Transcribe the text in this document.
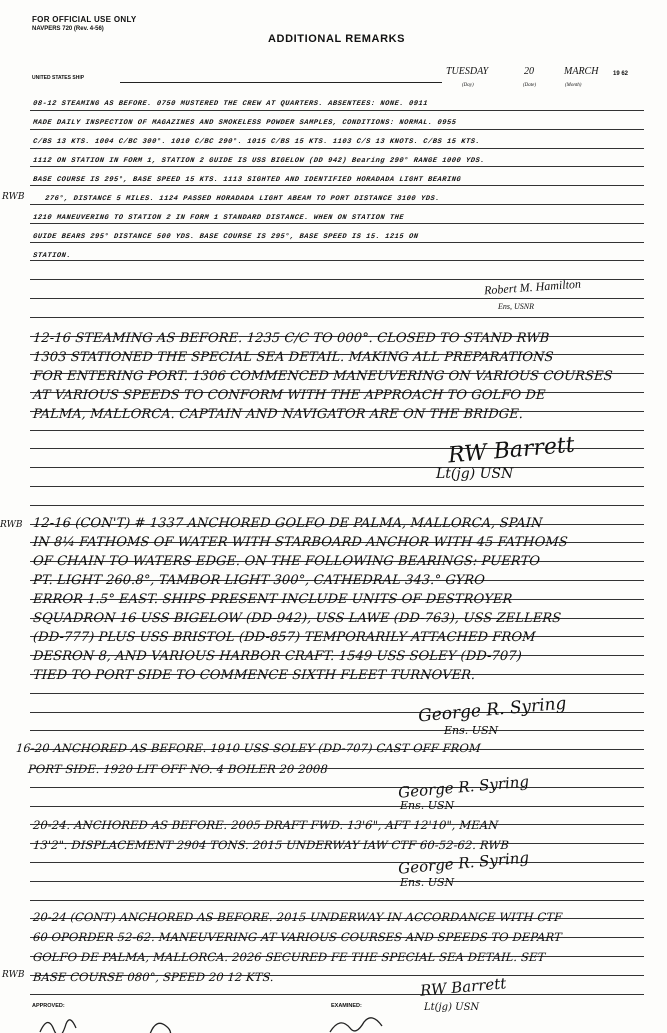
FOR OFFICIAL USE ONLY
NAVPERS 720 (Rev. 4-56)
ADDITIONAL REMARKS
UNITED STATES SHIP
TUESDAY	20	MARCH 19 62
(Day)	(Date)	(Month)
08-12 STEAMING AS BEFORE. 0750 MUSTERED THE CREW AT QUARTERS. ABSENTEES: NONE. 0911
MADE DAILY INSPECTION OF MAGAZINES AND SMOKELESS POWDER SAMPLES, CONDITIONS: NORMAL. 0955
C/BS 13 KTS. 1004 C/BC 300°. 1010 C/BC 290°. 1015 C/BS 15 KTS. 1103 C/S 13 KNOTS. C/BS 15 KTS.
1112 ON STATION IN FORM 1, STATION 2 GUIDE IS USS BIGELOW (DD 942) Bearing 290° RANGE 1000 YDS.
BASE COURSE IS 295°, BASE SPEED 15 KTS. 1113 SIGHTED AND IDENTIFIED HORADADA LIGHT BEARING
276°, DISTANCE 5 MILES. 1124 PASSED HORADADA LIGHT ABEAM TO PORT DISTANCE 3100 YDS.
1210 MANEUVERING TO STATION 2 IN FORM 1 STANDARD DISTANCE. WHEN ON STATION THE
GUIDE BEARS 295° DISTANCE 500 YDS. BASE COURSE IS 295°, BASE SPEED IS 15. 1215 ON
STATION.
RWB
Robert M. Hamilton
Ens, USNR
12-16 STEAMING AS BEFORE. 1235 C/C TO 000°. CLOSED TO STAND RWB
1303 STATIONED THE SPECIAL SEA DETAIL. MAKING ALL PREPARATIONS
FOR ENTERING PORT. 1306 COMMENCED MANEUVERING ON VARIOUS COURSES
AT VARIOUS SPEEDS TO CONFORM WITH THE APPROACH TO GOLFO DE
PALMA, MALLORCA. CAPTAIN AND NAVIGATOR ARE ON THE BRIDGE.
RW Barrett
Lt(jg) USN
RWB 12-16 (CON'T) # 1337 ANCHORED GOLFO DE PALMA, MALLORCA, SPAIN
IN 8¼ FATHOMS OF WATER WITH STARBOARD ANCHOR WITH 45 FATHOMS
OF CHAIN TO WATERS EDGE. ON THE FOLLOWING BEARINGS: PUERTO
PT. LIGHT 260.8°, TAMBOR LIGHT 300°, CATHEDRAL 343.° GYRO
ERROR 1.5° EAST. SHIPS PRESENT INCLUDE UNITS OF DESTROYER
SQUADRON 16 USS BIGELOW (DD-942), USS LAWE (DD-763), USS ZELLERS
(DD-777) PLUS USS BRISTOL (DD-857) TEMPORARILY ATTACHED FROM
DESRON 8, AND VARIOUS HARBOR CRAFT. 1549 USS SOLEY (DD-707)
TIED TO PORT SIDE TO COMMENCE SIXTH FLEET TURNOVER.
George R. Syring
Ens. USN
16-20 ANCHORED AS BEFORE. 1910 USS SOLEY (DD-707) CAST OFF FROM
PORT SIDE. 1920 LIT OFF NO. 4 BOILER 20 2008
George R. Syring
Ens. USN
20-24. ANCHORED AS BEFORE. 2005 DRAFT FWD. 13'6", AFT 12'10", MEAN
13'2". DISPLACEMENT 2904 TONS. 2015 UNDERWAY IAW CTF 60-52-62. RWB
George R. Syring
Ens. USN
20-24 (CONT) ANCHORED AS BEFORE. 2015 UNDERWAY IN ACCORDANCE WITH CTF
60 OPORDER 52-62. MANEUVERING AT VARIOUS COURSES AND SPEEDS TO DEPART
GOLFO DE PALMA, MALLORCA. 2026 SECURED FE THE SPECIAL SEA DETAIL. SET
BASE COURSE 080°, SPEED 20 12 KTS.
RWB	RW Barrett
Lt(jg) USN
APPROVED:	EXAMINED:
